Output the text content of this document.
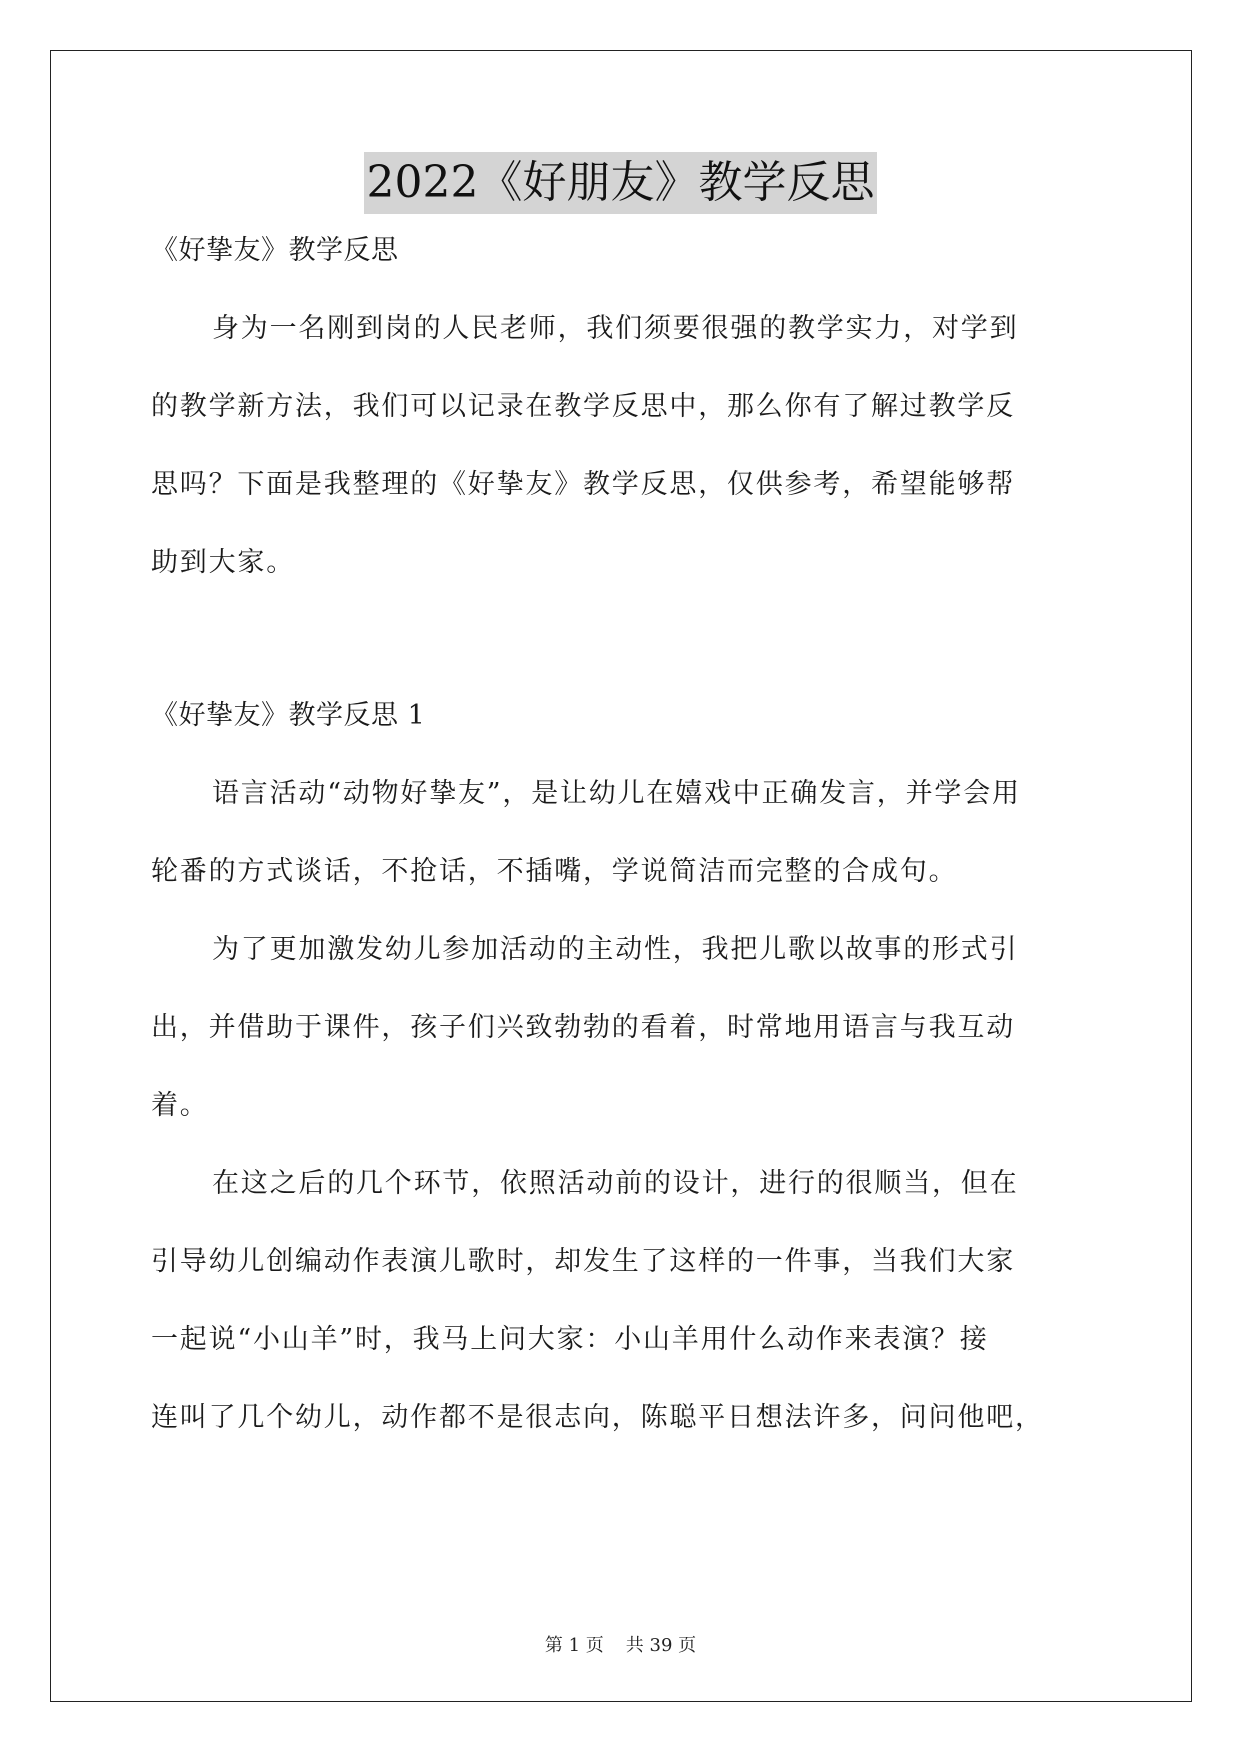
2022《好朋友》教学反思
《好挚友》教学反思
身为一名刚到岗的人民老师，我们须要很强的教学实力，对学到
的教学新方法，我们可以记录在教学反思中，那么你有了解过教学反
思吗？下面是我整理的《好挚友》教学反思，仅供参考，希望能够帮
助到大家。
《好挚友》教学反思 1
语言活动“动物好挚友”，是让幼儿在嬉戏中正确发言，并学会用
轮番的方式谈话，不抢话，不插嘴，学说简洁而完整的合成句。
为了更加激发幼儿参加活动的主动性，我把儿歌以故事的形式引
出，并借助于课件，孩子们兴致勃勃的看着，时常地用语言与我互动
着。
在这之后的几个环节，依照活动前的设计，进行的很顺当，但在
引导幼儿创编动作表演儿歌时，却发生了这样的一件事，当我们大家
一起说“小山羊”时，我马上问大家：小山羊用什么动作来表演？接
连叫了几个幼儿，动作都不是很志向，陈聪平日想法许多，问问他吧，
第 1 页 共 39 页
